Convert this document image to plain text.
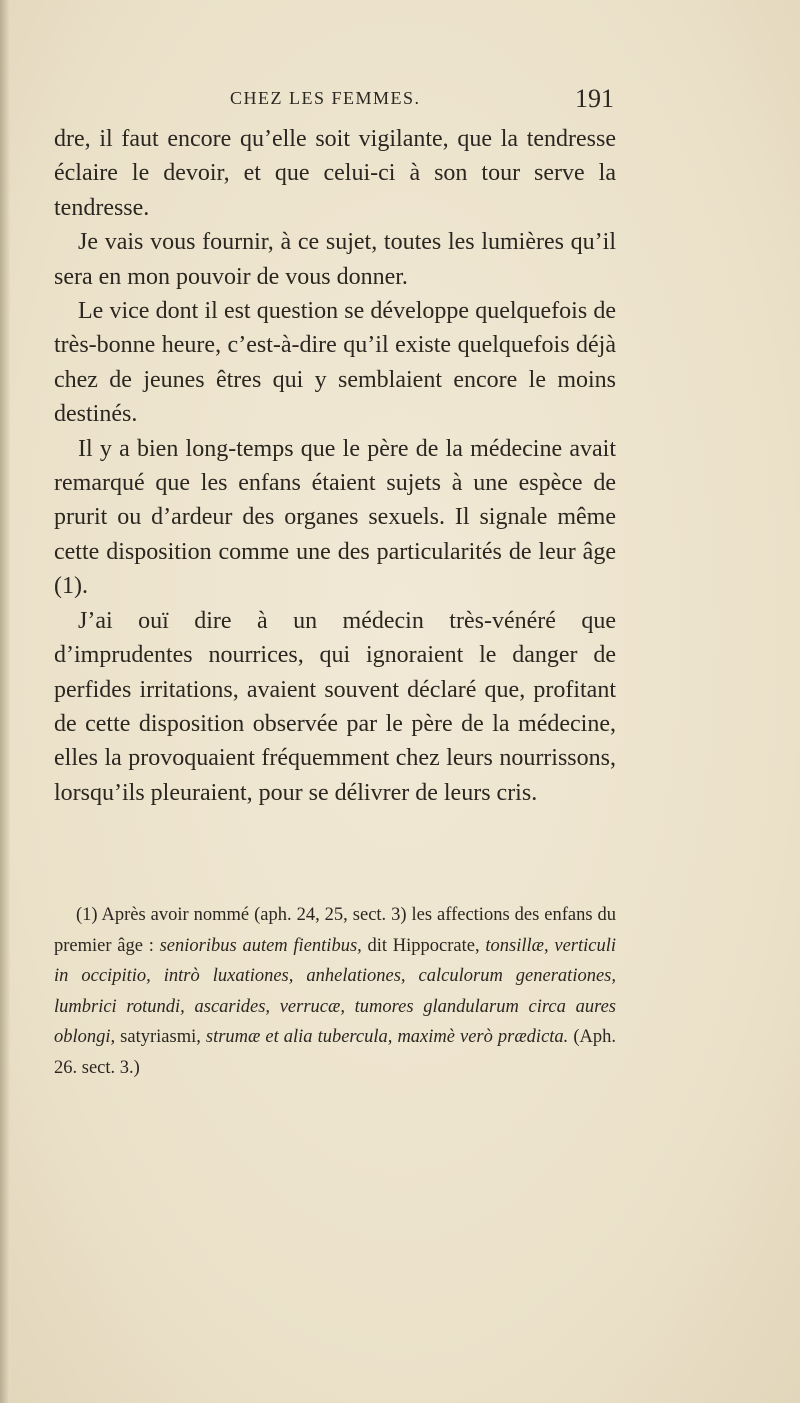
CHEZ LES FEMMES.	191

dre, il faut encore qu’elle soit vigilante, que la tendresse éclaire le devoir, et que celui-ci à son tour serve la tendresse.

Je vais vous fournir, à ce sujet, toutes les lumières qu’il sera en mon pouvoir de vous donner.

Le vice dont il est question se développe quelquefois de très-bonne heure, c’est-à-dire qu’il existe quelquefois déjà chez de jeunes êtres qui y semblaient encore le moins destinés.

Il y a bien long-temps que le père de la médecine avait remarqué que les enfans étaient sujets à une espèce de prurit ou d’ardeur des organes sexuels. Il signale même cette disposition comme une des particularités de leur âge (1).

J’ai ouï dire à un médecin très-vénéré que d’imprudentes nourrices, qui ignoraient le danger de perfides irritations, avaient souvent déclaré que, profitant de cette disposition observée par le père de la médecine, elles la provoquaient fréquemment chez leurs nourrissons, lorsqu’ils pleuraient, pour se délivrer de leurs cris.

(1) Après avoir nommé (aph. 24, 25, sect. 3) les affections des enfans du premier âge : senioribus autem fientibus, dit Hippocrate, tonsillæ, verticuli in occipitio, intrò luxationes, anhelationes, calculorum generationes, lumbrici rotundi, ascarides, verrucæ, tumores glandularum circa aures oblongi, satyriasmi, strumæ et alia tubercula, maximè verò prædicta. (Aph. 26. sect. 3.)
